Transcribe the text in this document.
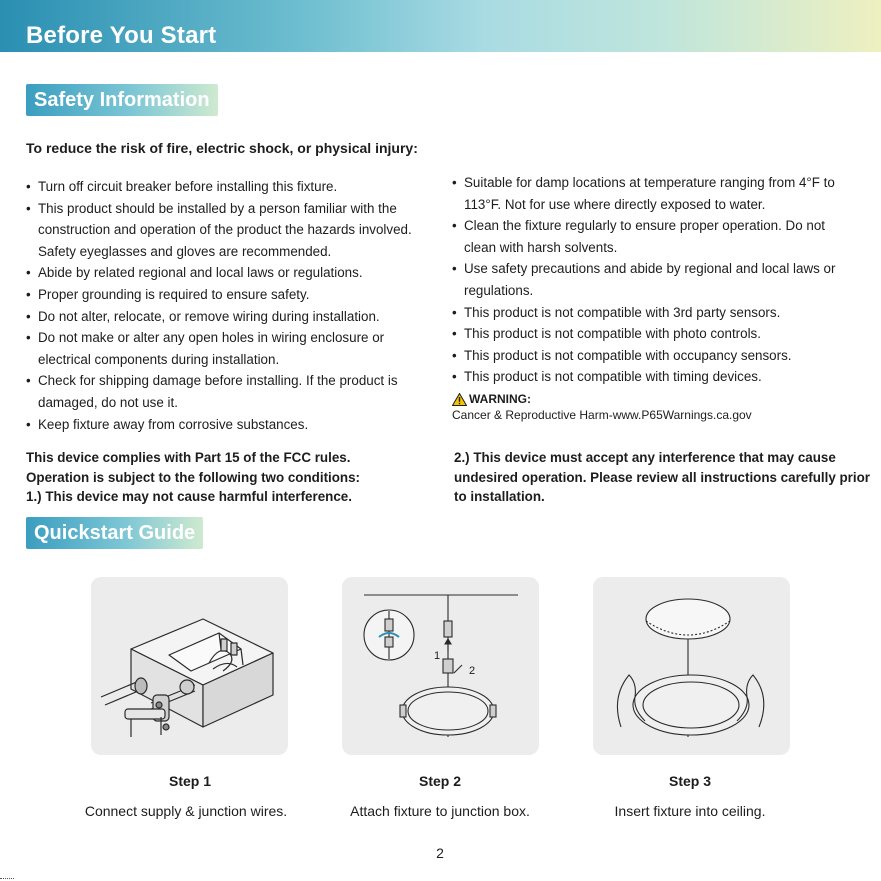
Before You Start
Safety Information
To reduce the risk of fire, electric shock, or physical injury:
• Turn off circuit breaker before installing this fixture.
• This product should be installed by a person familiar with the construction and operation of the product the hazards involved. Safety eyeglasses and gloves are recommended.
• Abide by related regional and local laws or regulations.
• Proper grounding is required to ensure safety.
• Do not alter, relocate, or remove wiring during installation.
• Do not make or alter any open holes in wiring enclosure or electrical components during installation.
• Check for shipping damage before installing. If the product is damaged, do not use it.
• Keep fixture away from corrosive substances.
• Suitable for damp locations at temperature ranging from 4°F to 113°F. Not for use where directly exposed to water.
• Clean the fixture regularly to ensure proper operation. Do not clean with harsh solvents.
• Use safety precautions and abide by regional and local laws or regulations.
• This product is not compatible with 3rd party sensors.
• This product is not compatible with photo controls.
• This product is not compatible with occupancy sensors.
• This product is not compatible with timing devices.
WARNING:
Cancer & Reproductive Harm-www.P65Warnings.ca.gov
This device complies with Part 15 of the FCC rules.
Operation is subject to the following two conditions:
1.) This device may not cause harmful interference.
2.) This device must accept any interference that may cause undesired operation. Please review all instructions carefully prior to installation.
Quickstart Guide
1
2
Step 1
Connect supply & junction wires.
Step 2
Attach fixture to junction box.
Step 3
Insert fixture into ceiling.
2
